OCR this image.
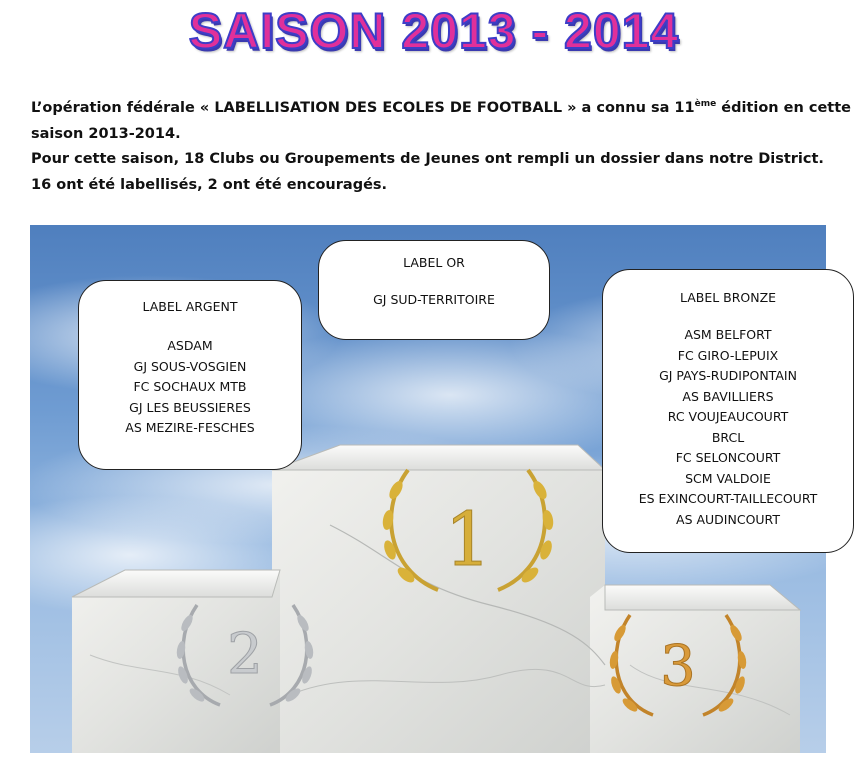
SAISON 2013 - 2014
L’opération fédérale « LABELLISATION DES ECOLES DE FOOTBALL » a connu sa 11ème édition en cette
saison 2013-2014.
Pour cette saison, 18 Clubs ou Groupements de Jeunes ont rempli un dossier dans notre District.
16 ont été labellisés, 2 ont été encouragés.
1
2	3
LABEL ARGENT
ASDAM
GJ SOUS-VOSGIEN
FC SOCHAUX MTB
GJ LES BEUSSIERES
AS MEZIRE-FESCHES
LABEL OR
GJ SUD-TERRITOIRE	LABEL BRONZE
ASM BELFORT
FC GIRO-LEPUIX
GJ PAYS-RUDIPONTAIN
AS BAVILLIERS
RC VOUJEAUCOURT
BRCL
FC SELONCOURT
SCM VALDOIE
ES EXINCOURT-TAILLECOURT
AS AUDINCOURT
